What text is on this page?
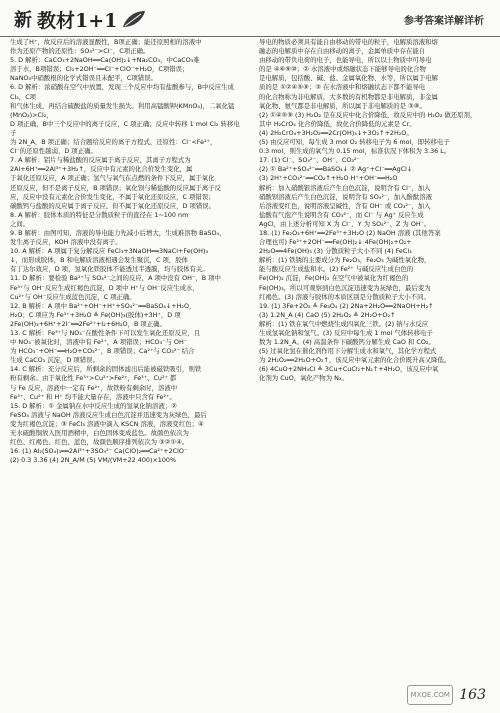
新 教材1+1	参考答案详解详析

生成了H⁺，故反应后的溶液显酸性，B项正确；能还原照相的溶液中

作为还原产物的还原性：SO₃²⁻>Cl⁻，C项正确。

5. D 解析：CaCO₃+2NaOH══Ca(OH)₂↓+Na₂CO₃，中CaCO₃难

溶于水，B项错误；Cl₂+2OH⁻══Cl⁻+ClO⁻+H₂O，C项错误；

NaNO₃中硝酸根的化学式错误且未配平，C项错误。

6. D 解析：浓硝酸在空气中放置，发现三个反应中均有盐酸参与，B中反应生成Cl₂，C项

和气体生成，再结合硫酸盐的质量发生损失。利用高锰酸钾(KMnO₄)，二氧化锰(MnO₂)>Cl₂，

D 项正确，B中三个反应中的离子反应，C 项正确；反应中转移 1 mol Cl₂ 转移电子

为 2N_A，B 项正确；结合题给反应的离子方程式，还原性：Cl⁻<Fe²⁺，

Cl⁻的还原性越弱，D 项正确。

7. A 解析：铝片与稀盐酸的反应属于离子反应，其离子方程式为

2Al+6H⁺══2Al³⁺+3H₂↑，反应中有元素的化合价发生变化，属

于氧化还原反应，A 项正确；氢气与氧气在点燃的条件下反应，属于氧化

还原反应，但不是离子反应，B 项错误；氧化钡与稀盐酸的反应属于离子反

应，反应中没有元素化合价发生变化，不属于氧化还原反应，C 项错误；

碳酸钙与盐酸的反应属于离子反应，但不属于氧化还原反应，D 项错误。

8. A 解析：胶体本质的特征是分散质粒子的直径在 1~100 nm

之间。

9. B 解析：由图可知，溶液的导电能力先减小后增大，生成难溶物 BaSO₄，

发生离子反应，KOH 溶液中没有离子。

10. A 解析：A 项属于复分解反应 FeCl₃+3NaOH══3NaCl+Fe(OH)₃

↓，而形成胶体，B 和电解质溶液相遇会发生聚沉，C 项，胶体

有丁达尔效应，D 项，氢氧化铁胶体不能透过半透膜，均与胶体有关。

11. D 解析：要检验 Ba²⁺与 SO₄²⁻之间的反应，A 项中没有 OH⁻，B 项中

Fe³⁺与 OH⁻反应生成红褐色沉淀，D 项中 H⁺与 OH⁻反应生成水，

Cu²⁺与 OH⁻反应生成蓝色沉淀，C 项正确。

12. B 解析：A 项中 Ba²⁺+OH⁻+H⁺+SO₄²⁻══BaSO₄↓+H₂O，

H₂O；C 项应为 Fe³⁺+3H₂O ≜ Fe(OH)₃(胶体)+3H⁺，D 项

2Fe(OH)₃+6H⁺+2I⁻══2Fe²⁺+I₂+6H₂O，B 项正确。

13. C 解析：Fe³⁺与 NO₃⁻在酸性条件下可以发生氧化还原反应，且

中 NO₃⁻被氧化时，溶液中有 Fe²⁺，A 项错误；HCO₃⁻与 OH⁻

为 HCO₃⁻+OH⁻══H₂O+CO₃²⁻，B 项错误；Ca²⁺与 CO₃²⁻ 结合

生成 CaCO₃ 沉淀，D 项错误。

14. C 解析：充分反应后，所剩余的固体滤出后能被磁铁吸引，则铁

粉有剩余。由于氧化性 Fe³⁺>Cu²⁺>Fe²⁺，Fe³⁺、Cu²⁺ 都

与 Fe 反应，溶液中一定有 Fe²⁺，故铁粉有剩余时，溶液中

Fe³⁺、Cu²⁺ 和 H⁺ 均不能大量存在，溶液中只含有 Fe²⁺。

15. D 解析：① 金属钠在水中反应生成的氢氧化钠溶液；②

FeSO₄ 溶液与 NaOH 溶液反应生成白色沉淀并迅速变为灰绿色，最后

变为红褐色沉淀；③ FeCl₃ 溶液中滴入 KSCN 溶液，溶液变红色；④

无水硫酸铜放入医用酒精中，白色固体变成蓝色。故颜色依次为

红色、红褐色、红色、蓝色，故颜色顺序排列依次为 ③②①④。

16. (1) Al₂(SO₄)₃══2Al³⁺+3SO₄²⁻ Ca(ClO)₂══Ca²⁺+2ClO⁻

(2) 0.3 3.36 (4) 2N_A/M (5) VM/(VM+22 400)×100%

导电的物质必须具有能自由移动的带电的粒子，电解质溶液和熔

融态的电解质中存在自由移动的离子，金属单质中存在能自

由移动的带负电荷的电子，也能导电，所以以上物质中可导电

的是 ④⑥⑨⑩；② 水溶液中或熔融状态下能够导电的化合物

是电解质，包括酸、碱、盐、金属氧化物、水等，所以属于电解

质的是 ①②④⑤⑨；③ 在水溶液中和熔融状态下都不能导电

的化合物称为非电解质，大多数的有机物都是非电解质，非金属

氧化物、氨气都是非电解质，所以属于非电解质的是 ③⑧。

(2) ①④⑤⑨ (3) H₂O₂ 是在反应中化合价降低，故反应中的 H₂O₂ 做还原剂，

其中 H₂CrO₄ 化合价降低，故化合价降低的元素是 Cr。

(4) 2H₂CrO₄+3H₂O₂══2Cr(OH)₃↓+3O₂↑+2H₂O。

(5) 由反应可知，每生成 3 mol O₂ 转移电子为 6 mol，即转移电子

0.3 mol，则生成的氧气为 0.15 mol，标准状况下体积为 3.36 L。

17. (1) Cl⁻、SO₄²⁻、OH⁻、CO₃²⁻

(2) ① Ba²⁺+SO₄²⁻══BaSO₄↓ ② Ag⁺+Cl⁻══AgCl↓

(3) 2H⁺+CO₃²⁻══CO₂↑+H₂O H⁺+OH⁻══H₂O

解析：加入硝酸银溶液后产生白色沉淀，说明含有 Cl⁻，加入

硝酸钡溶液后产生白色沉淀，说明含有 SO₄²⁻，加入酚酞溶液

后溶液变红色，说明溶液呈碱性，含有 OH⁻ 或 CO₃²⁻，加入

盐酸有气泡产生说明含有 CO₃²⁻，而 Cl⁻ 与 Ag⁺ 反应生成

AgCl，由上述分析可知 X 为 Cl⁻、Y 为 SO₄²⁻、Z 为 OH⁻。

18. (1) Fe₂O₃+6H⁺══2Fe³⁺+3H₂O (2) NaOH 溶液 (其他答案

合理也可) Fe²⁺+2OH⁻══Fe(OH)₂↓ 4Fe(OH)₂+O₂+

2H₂O══4Fe(OH)₃ (3) 分散质粒子大小不同 (4) FeCl₃

解析：(1) 铁锈的主要成分为 Fe₂O₃，Fe₂O₃ 为碱性氧化物，

能与酸反应生成盐和水。(2) Fe²⁺ 与碱反应生成白色的

Fe(OH)₂ 沉淀，Fe(OH)₂ 在空气中被氧化为红褐色的

Fe(OH)₃，所以可观察到白色沉淀迅速变为灰绿色，最后变为

红褐色。(3) 溶液与胶体的本质区别是分散质粒子大小不同。

19. (1) 3Fe+2O₂ ≜ Fe₃O₄ (2) 2Na+2H₂O══2NaOH+H₂↑

(3) 1.2N_A (4) CaO (5) 2H₂O₂ ≜ 2H₂O+O₂↑

解析：(1) 铁在氧气中燃烧生成四氧化三铁。(2) 钠与水反应

生成氢氧化钠和氢气。(3) 反应中每生成 1 mol 气体转移电子

数为 1.2N_A。(4) 高温条件下碳酸钙分解生成 CaO 和 CO₂。

(5) 过氧化氢在催化剂作用下分解生成水和氧气，其化学方程式

为 2H₂O₂══2H₂O+O₂↑，该反应中氧元素的化合价既升高又降低。

(6) 4CuO+2NH₄Cl ≜ 3Cu+CuCl₂+N₂↑+4H₂O，该反应中氧

化剂为 CuO，氧化产物为 N₂。

MXQE.COM 163
